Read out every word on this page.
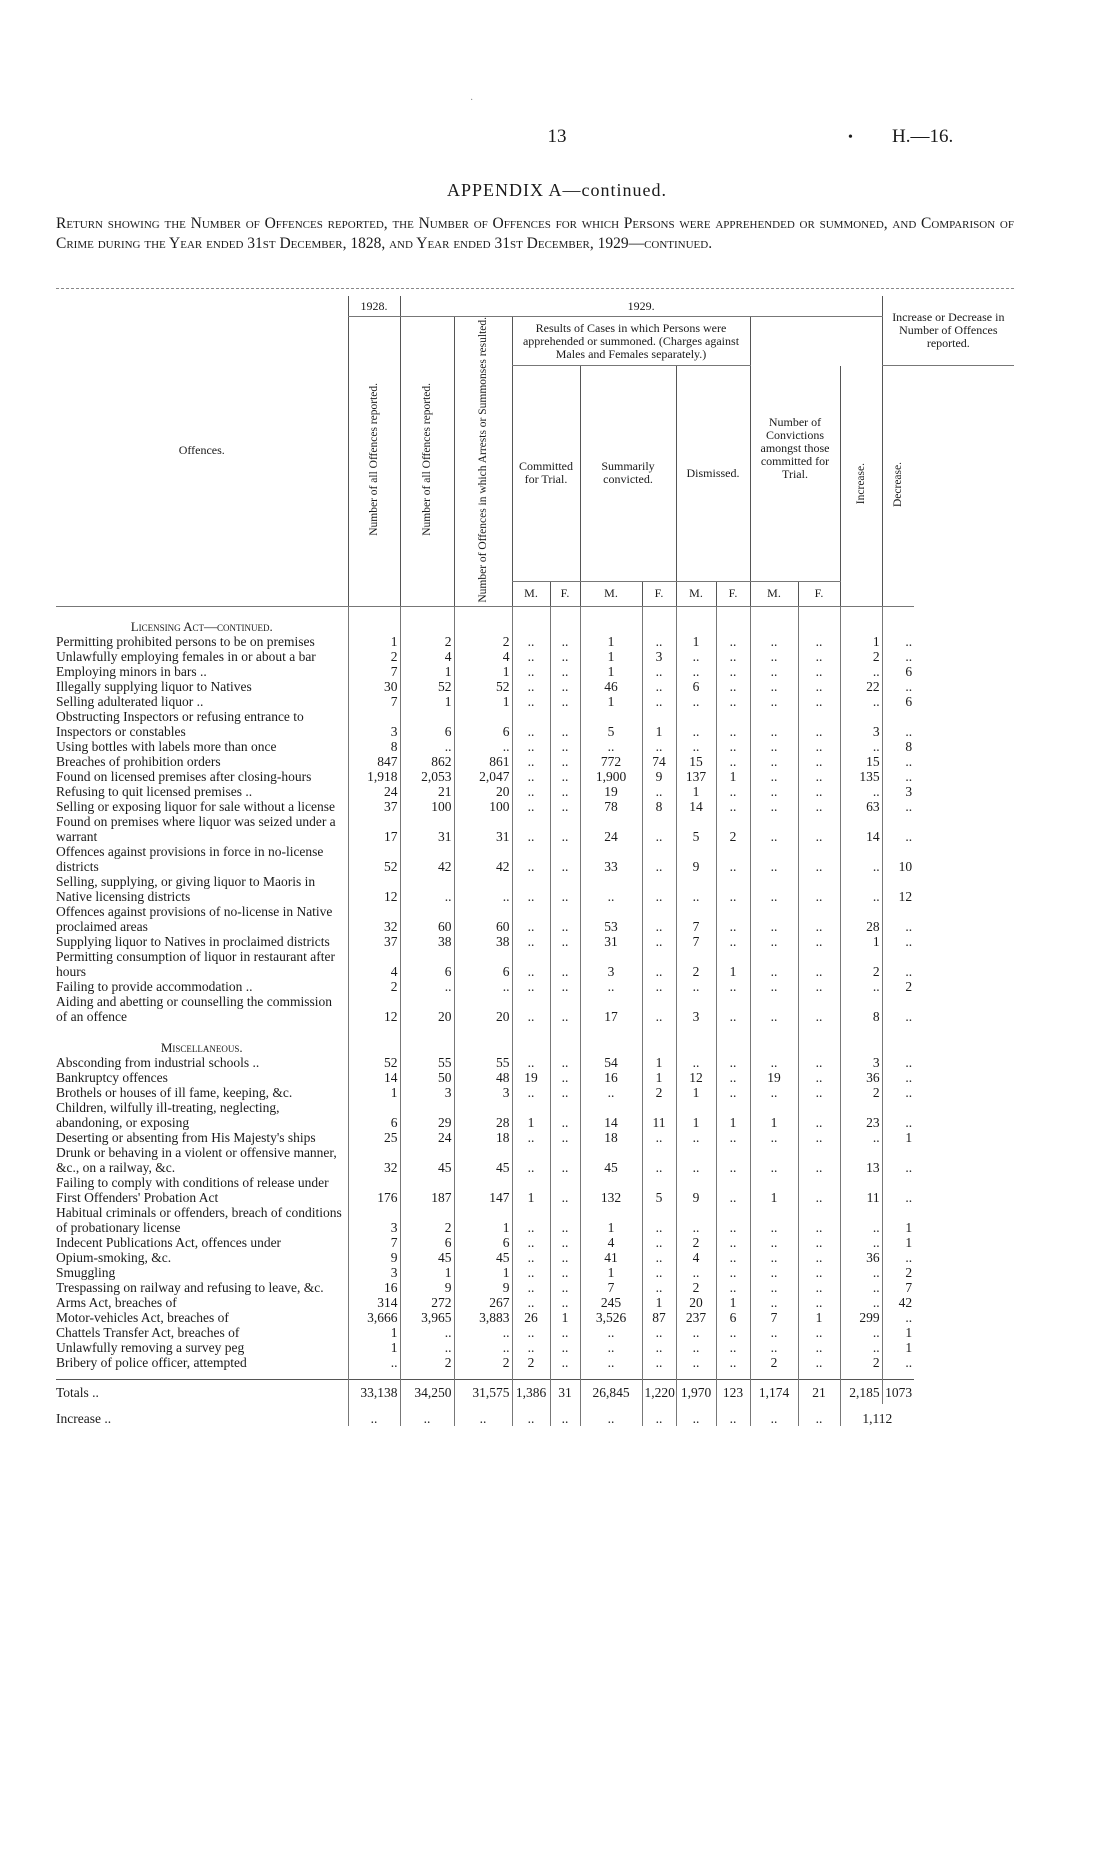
·
13	• H.—16.
APPENDIX A—continued.
Return showing the Number of Offences reported, the Number of Offences for which Persons were apprehended or summoned, and Comparison of Crime during the Year ended 31st December, 1828, and Year ended 31st December, 1929—continued.
Offences.	1928.	1929.											Increase or Decrease in Number of Offences reported.
	Number of all Offences reported.	Number of all Offences reported.	Number of Offences in which Arrests or Summonses resulted.	Results of Cases in which Persons were apprehended or summoned. (Charges against Males and Females separately.)						Number of Convictions amongst those committed for Trial.			
				Committed for Trial.		Summarily convicted.		Dismissed.				Increase.	Decrease.
				M.	F.	M.	F.	M.	F.	M.	F.		
Licensing Act—continued.													
Permitting prohibited persons to be on premises	1	2	2	..	..	1	..	1	..	..	..	1	..
Unlawfully employing females in or about a bar	2	4	4	..	..	1	3	..	..	..	..	2	..
Employing minors in bars ..	7	1	1	..	..	1	..	..	..	..	..	..	6
Illegally supplying liquor to Natives	30	52	52	..	..	46	..	6	..	..	..	22	..
Selling adulterated liquor ..	7	1	1	..	..	1	..	..	..	..	..	..	6
Obstructing Inspectors or refusing entrance to Inspectors or constables	3	6	6	..	..	5	1	..	..	..	..	3	..
Using bottles with labels more than once	8	..	..	..	..	..	..	..	..	..	..	..	8
Breaches of prohibition orders	847	862	861	..	..	772	74	15	..	..	..	15	..
Found on licensed premises after closing-hours	1,918	2,053	2,047	..	..	1,900	9	137	1	..	..	135	..
Refusing to quit licensed premises ..	24	21	20	..	..	19	..	1	..	..	..	..	3
Selling or exposing liquor for sale without a license	37	100	100	..	..	78	8	14	..	..	..	63	..
Found on premises where liquor was seized under a warrant	17	31	31	..	..	24	..	5	2	..	..	14	..
Offences against provisions in force in no-license districts	52	42	42	..	..	33	..	9	..	..	..	..	10
Selling, supplying, or giving liquor to Maoris in Native licensing districts	12	..	..	..	..	..	..	..	..	..	..	..	12
Offences against provisions of no-license in Native proclaimed areas	32	60	60	..	..	53	..	7	..	..	..	28	..
Supplying liquor to Natives in proclaimed districts	37	38	38	..	..	31	..	7	..	..	..	1	..
Permitting consumption of liquor in restaurant after hours	4	6	6	..	..	3	..	2	1	..	..	2	..
Failing to provide accommodation ..	2	..	..	..	..	..	..	..	..	..	..	..	2
Aiding and abetting or counselling the commission of an offence	12	20	20	..	..	17	..	3	..	..	..	8	..
Miscellaneous.													
Absconding from industrial schools ..	52	55	55	..	..	54	1	..	..	..	..	3	..
Bankruptcy offences	14	50	48	19	..	16	1	12	..	19	..	36	..
Brothels or houses of ill fame, keeping, &c.	1	3	3	..	..	..	2	1	..	..	..	2	..
Children, wilfully ill-treating, neglecting, abandoning, or exposing	6	29	28	1	..	14	11	1	1	1	..	23	..
Deserting or absenting from His Majesty's ships	25	24	18	..	..	18	..	..	..	..	..	..	1
Drunk or behaving in a violent or offensive manner, &c., on a railway, &c.	32	45	45	..	..	45	..	..	..	..	..	13	..
Failing to comply with conditions of release under First Offenders' Probation Act	176	187	147	1	..	132	5	9	..	1	..	11	..
Habitual criminals or offenders, breach of conditions of probationary license	3	2	1	..	..	1	..	..	..	..	..	..	1
Indecent Publications Act, offences under	7	6	6	..	..	4	..	2	..	..	..	..	1
Opium-smoking, &c.	9	45	45	..	..	41	..	4	..	..	..	36	..
Smuggling	3	1	1	..	..	1	..	..	..	..	..	..	2
Trespassing on railway and refusing to leave, &c.	16	9	9	..	..	7	..	2	..	..	..	..	7
Arms Act, breaches of	314	272	267	..	..	245	1	20	1	..	..	..	42
Motor-vehicles Act, breaches of	3,666	3,965	3,883	26	1	3,526	87	237	6	7	1	299	..
Chattels Transfer Act, breaches of	1	..	..	..	..	..	..	..	..	..	..	..	1
Unlawfully removing a survey peg	1	..	..	..	..	..	..	..	..	..	..	..	1
Bribery of police officer, attempted	..	2	2	2	..	..	..	..	..	2	..	2	..

Totals ..	33,138	34,250	31,575	1,386	31	26,845	1,220	1,970	123	1,174	21	2,185	1073
Increase ..	..	..	..	..	..	..	..	..	..	..	..	1,112	
